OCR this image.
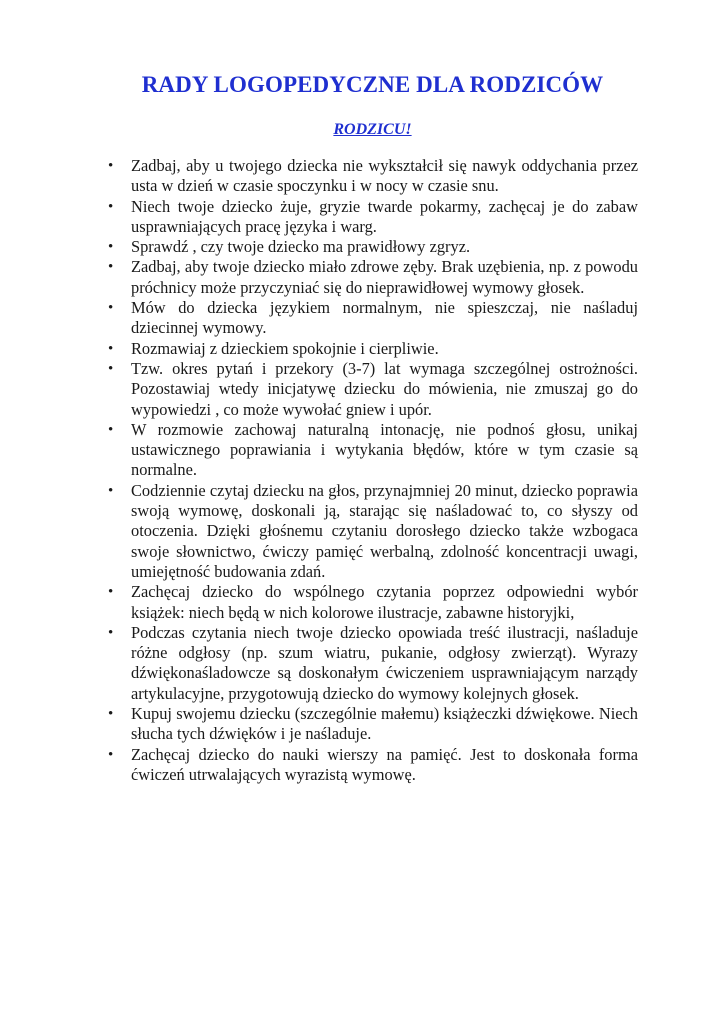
RADY LOGOPEDYCZNE DLA RODZICÓW
RODZICU!
• Zadbaj, aby u twojego dziecka nie wykształcił się nawyk oddychania przez usta w dzień w czasie spoczynku i w nocy w czasie snu.
• Niech twoje dziecko żuje, gryzie twarde pokarmy, zachęcaj je do zabaw usprawniających pracę języka i warg.
• Sprawdź , czy twoje dziecko ma prawidłowy zgryz.
• Zadbaj, aby twoje dziecko miało zdrowe zęby. Brak uzębienia, np. z powodu próchnicy może przyczyniać się do nieprawidłowej wymowy głosek.
• Mów do dziecka językiem normalnym, nie spieszczaj, nie naśladuj dziecinnej wymowy.
• Rozmawiaj z dzieckiem spokojnie i cierpliwie.
• Tzw. okres pytań i przekory (3-7) lat wymaga szczególnej ostrożności. Pozostawiaj wtedy inicjatywę dziecku do mówienia, nie zmuszaj go do wypowiedzi , co może wywołać gniew i upór.
• W rozmowie zachowaj naturalną intonację, nie podnoś głosu, unikaj ustawicznego poprawiania i wytykania błędów, które w tym czasie są normalne.
• Codziennie czytaj dziecku na głos, przynajmniej 20 minut, dziecko poprawia swoją wymowę, doskonali ją, starając się naśladować to, co słyszy od otoczenia. Dzięki głośnemu czytaniu dorosłego dziecko także wzbogaca swoje słownictwo, ćwiczy pamięć werbalną, zdolność koncentracji uwagi, umiejętność budowania zdań.
• Zachęcaj dziecko do wspólnego czytania poprzez odpowiedni wybór książek: niech będą w nich kolorowe ilustracje, zabawne historyjki,
• Podczas czytania niech twoje dziecko opowiada treść ilustracji, naśladuje różne odgłosy (np. szum wiatru, pukanie, odgłosy zwierząt). Wyrazy dźwiękonaśladowcze są doskonałym ćwiczeniem usprawniającym narządy artykulacyjne, przygotowują dziecko do wymowy kolejnych głosek.
• Kupuj swojemu dziecku (szczególnie małemu) książeczki dźwiękowe. Niech słucha tych dźwięków i je naśladuje.
• Zachęcaj dziecko do nauki wierszy na pamięć. Jest to doskonała forma ćwiczeń utrwalających wyrazistą wymowę.
